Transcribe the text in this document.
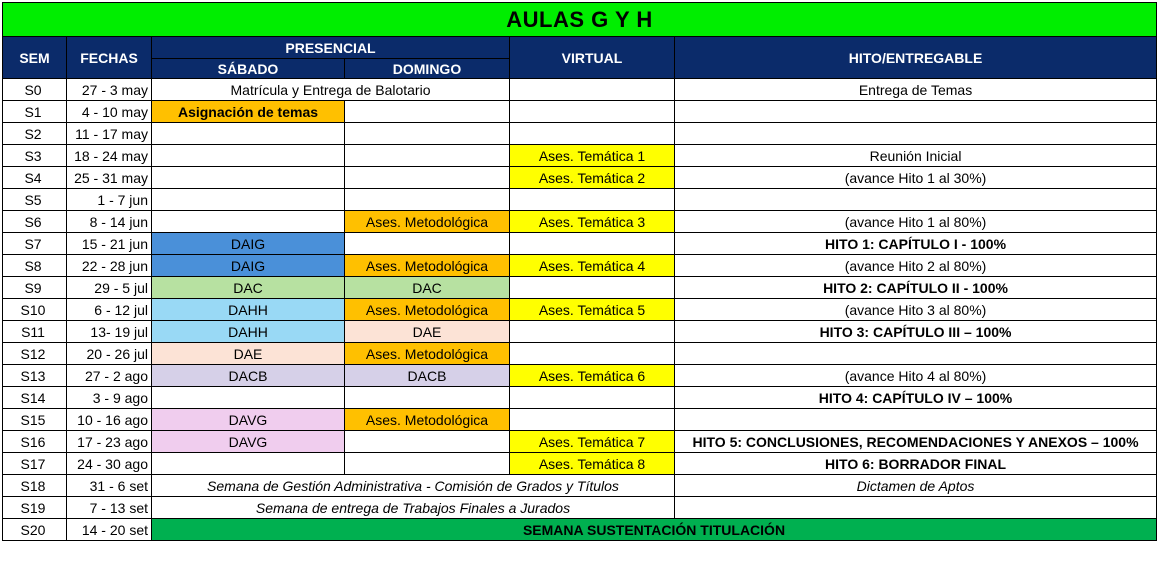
AULAS G Y H					
SEM	FECHAS	PRESENCIAL		VIRTUAL	HITO/ENTREGABLE
		SÁBADO	DOMINGO		
S0	27 - 3 may	Matrícula y Entrega de Balotario			Entrega de Temas
S1	4 - 10 may	Asignación de temas			
S2	11 - 17 may				
S3	18 - 24 may			Ases. Temática 1	Reunión Inicial
S4	25 - 31 may			Ases. Temática 2	(avance Hito 1 al 30%)
S5	1 - 7 jun				
S6	8 - 14 jun		Ases. Metodológica	Ases. Temática 3	(avance Hito 1 al 80%)
S7	15 - 21 jun	DAIG			HITO 1: CAPÍTULO I - 100%
S8	22 - 28 jun	DAIG	Ases. Metodológica	Ases. Temática 4	(avance Hito 2 al 80%)
S9	29 - 5 jul	DAC	DAC		HITO 2: CAPÍTULO II - 100%
S10	6 - 12 jul	DAHH	Ases. Metodológica	Ases. Temática 5	(avance Hito 3 al 80%)
S11	13- 19 jul	DAHH	DAE		HITO 3: CAPÍTULO III – 100%
S12	20 - 26 jul	DAE	Ases. Metodológica		
S13	27 - 2 ago	DACB	DACB	Ases. Temática 6	(avance Hito 4 al 80%)
S14	3 - 9 ago				HITO 4: CAPÍTULO IV – 100%
S15	10 - 16 ago	DAVG	Ases. Metodológica		
S16	17 - 23 ago	DAVG		Ases. Temática 7	HITO 5: CONCLUSIONES, RECOMENDACIONES Y ANEXOS – 100%
S17	24 - 30 ago			Ases. Temática 8	HITO 6: BORRADOR FINAL
S18	31 - 6 set	Semana de Gestión Administrativa - Comisión de Grados y Títulos			Dictamen de Aptos
S19	7 - 13 set	Semana de entrega de Trabajos Finales a Jurados			
S20	14 - 20 set	SEMANA SUSTENTACIÓN TITULACIÓN			
